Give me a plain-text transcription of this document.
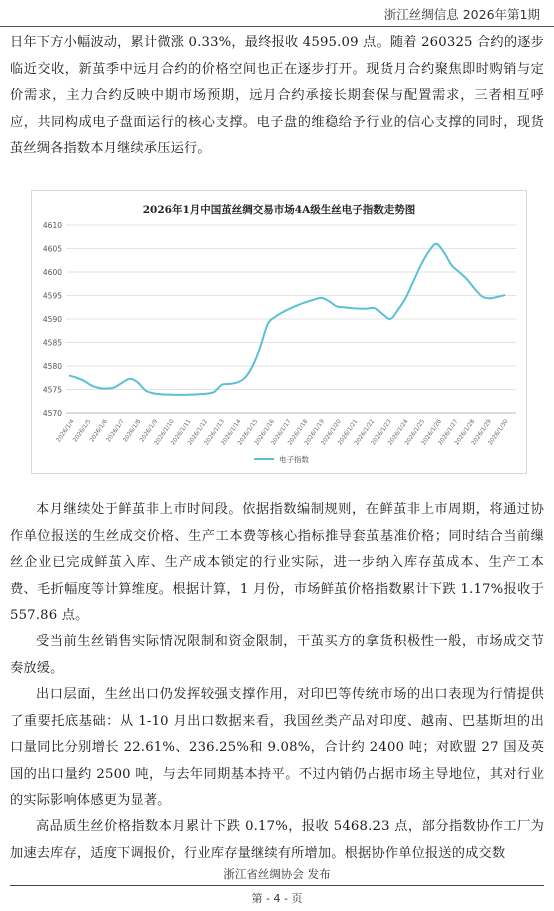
浙江丝绸信息 2026年第1期

日年下方小幅波动，累计微涨 0.33%，最终报收 4595.09 点。随着 260325 合约的逐步临近交收，新茧季中远月合约的价格空间也正在逐步打开。现货月合约聚焦即时购销与定价需求，主力合约反映中期市场预期，远月合约承接长期套保与配置需求，三者相互呼应，共同构成电子盘面运行的核心支撑。电子盘的维稳给予行业的信心支撑的同时，现货茧丝绸各指数本月继续承压运行。

2026年1月中国茧丝绸交易市场4A级生丝电子指数走势图
4570
4575
4580
4585
4590
4595
4600
4605
4610
2026/1/4
2026/1/5
2026/1/6
2026/1/7
2026/1/8
2026/1/9
2026/1/10
2026/1/11
2026/1/12
2026/1/13
2026/1/14
2026/1/15
2026/1/16
2026/1/17
2026/1/18
2026/1/19
2026/1/20
2026/1/21
2026/1/22
2026/1/23
2026/1/24
2026/1/25
2026/1/26
2026/1/27
2026/1/28
2026/1/29
2026/1/30
电子指数

本月继续处于鲜茧非上市时间段。依据指数编制规则，在鲜茧非上市周期，将通过协作单位报送的生丝成交价格、生产工本费等核心指标推导套茧基准价格；同时结合当前缫丝企业已完成鲜茧入库、生产成本锁定的行业实际，进一步纳入库存茧成本、生产工本费、毛折幅度等计算维度。根据计算，1 月份，市场鲜茧价格指数累计下跌 1.17%报收于 557.86 点。

受当前生丝销售实际情况限制和资金限制，干茧买方的拿货积极性一般，市场成交节奏放缓。

出口层面，生丝出口仍发挥较强支撑作用，对印巴等传统市场的出口表现为行情提供了重要托底基础：从 1-10 月出口数据来看，我国丝类产品对印度、越南、巴基斯坦的出口量同比分别增长 22.61%、236.25%和 9.08%，合计约 2400 吨；对欧盟 27 国及英国的出口量约 2500 吨，与去年同期基本持平。不过内销仍占据市场主导地位，其对行业的实际影响体感更为显著。

高品质生丝价格指数本月累计下跌 0.17%，报收 5468.23 点，部分指数协作工厂为加速去库存，适度下调报价，行业库存量继续有所增加。根据协作单位报送的成交数

浙江省丝绸协会 发布
第 - 4 - 页
